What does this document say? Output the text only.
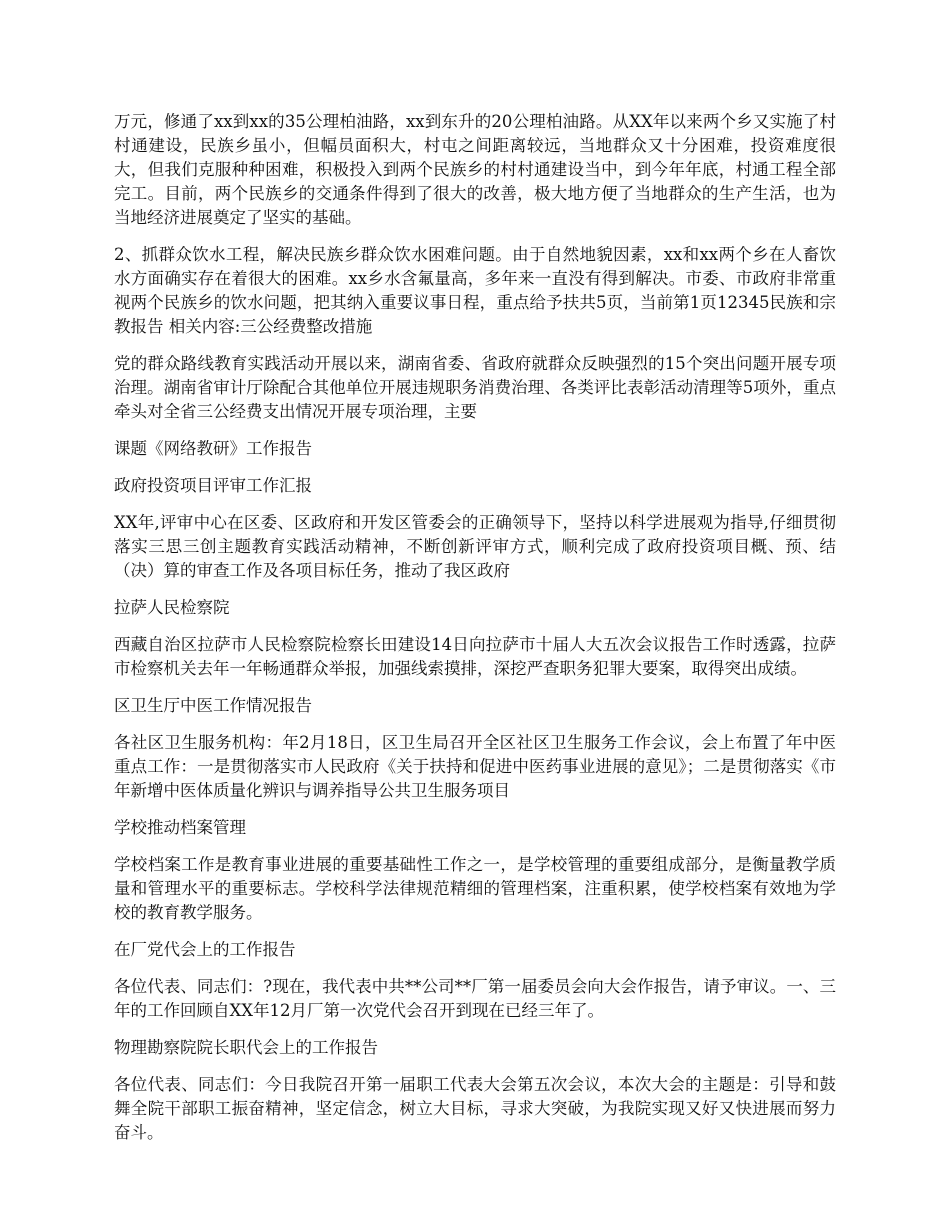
万元，修通了xx到xx的35公理柏油路，xx到东升的20公理柏油路。从XX年以来两个乡又实施了村村通建设，民族乡虽小，但幅员面积大，村屯之间距离较远，当地群众又十分困难，投资难度很大，但我们克服种种困难，积极投入到两个民族乡的村村通建设当中，到今年年底，村通工程全部完工。目前，两个民族乡的交通条件得到了很大的改善，极大地方便了当地群众的生产生活，也为当地经济进展奠定了坚实的基础。

2、抓群众饮水工程，解决民族乡群众饮水困难问题。由于自然地貌因素，xx和xx两个乡在人畜饮水方面确实存在着很大的困难。xx乡水含氟量高，多年来一直没有得到解决。市委、市政府非常重视两个民族乡的饮水问题，把其纳入重要议事日程，重点给予扶共5页，当前第1页12345民族和宗教报告 相关内容:三公经费整改措施

党的群众路线教育实践活动开展以来，湖南省委、省政府就群众反映强烈的15个突出问题开展专项治理。湖南省审计厅除配合其他单位开展违规职务消费治理、各类评比表彰活动清理等5项外，重点牵头对全省三公经费支出情况开展专项治理，主要

课题《网络教研》工作报告

政府投资项目评审工作汇报

XX年,评审中心在区委、区政府和开发区管委会的正确领导下，坚持以科学进展观为指导,仔细贯彻落实三思三创主题教育实践活动精神，不断创新评审方式，顺利完成了政府投资项目概、预、结（决）算的审查工作及各项目标任务，推动了我区政府

拉萨人民检察院

西藏自治区拉萨市人民检察院检察长田建设14日向拉萨市十届人大五次会议报告工作时透露，拉萨市检察机关去年一年畅通群众举报，加强线索摸排，深挖严查职务犯罪大要案，取得突出成绩。

区卫生厅中医工作情况报告

各社区卫生服务机构：年2月18日，区卫生局召开全区社区卫生服务工作会议，会上布置了年中医重点工作：一是贯彻落实市人民政府《关于扶持和促进中医药事业进展的意见》；二是贯彻落实《市年新增中医体质量化辨识与调养指导公共卫生服务项目

学校推动档案管理

学校档案工作是教育事业进展的重要基础性工作之一，是学校管理的重要组成部分，是衡量教学质量和管理水平的重要标志。学校科学法律规范精细的管理档案，注重积累，使学校档案有效地为学校的教育教学服务。

在厂党代会上的工作报告

各位代表、同志们：?现在，我代表中共**公司**厂第一届委员会向大会作报告，请予审议。一、三年的工作回顾自XX年12月厂第一次党代会召开到现在已经三年了。

物理勘察院院长职代会上的工作报告

各位代表、同志们：今日我院召开第一届职工代表大会第五次会议，本次大会的主题是：引导和鼓舞全院干部职工振奋精神，坚定信念，树立大目标，寻求大突破，为我院实现又好又快进展而努力奋斗。
